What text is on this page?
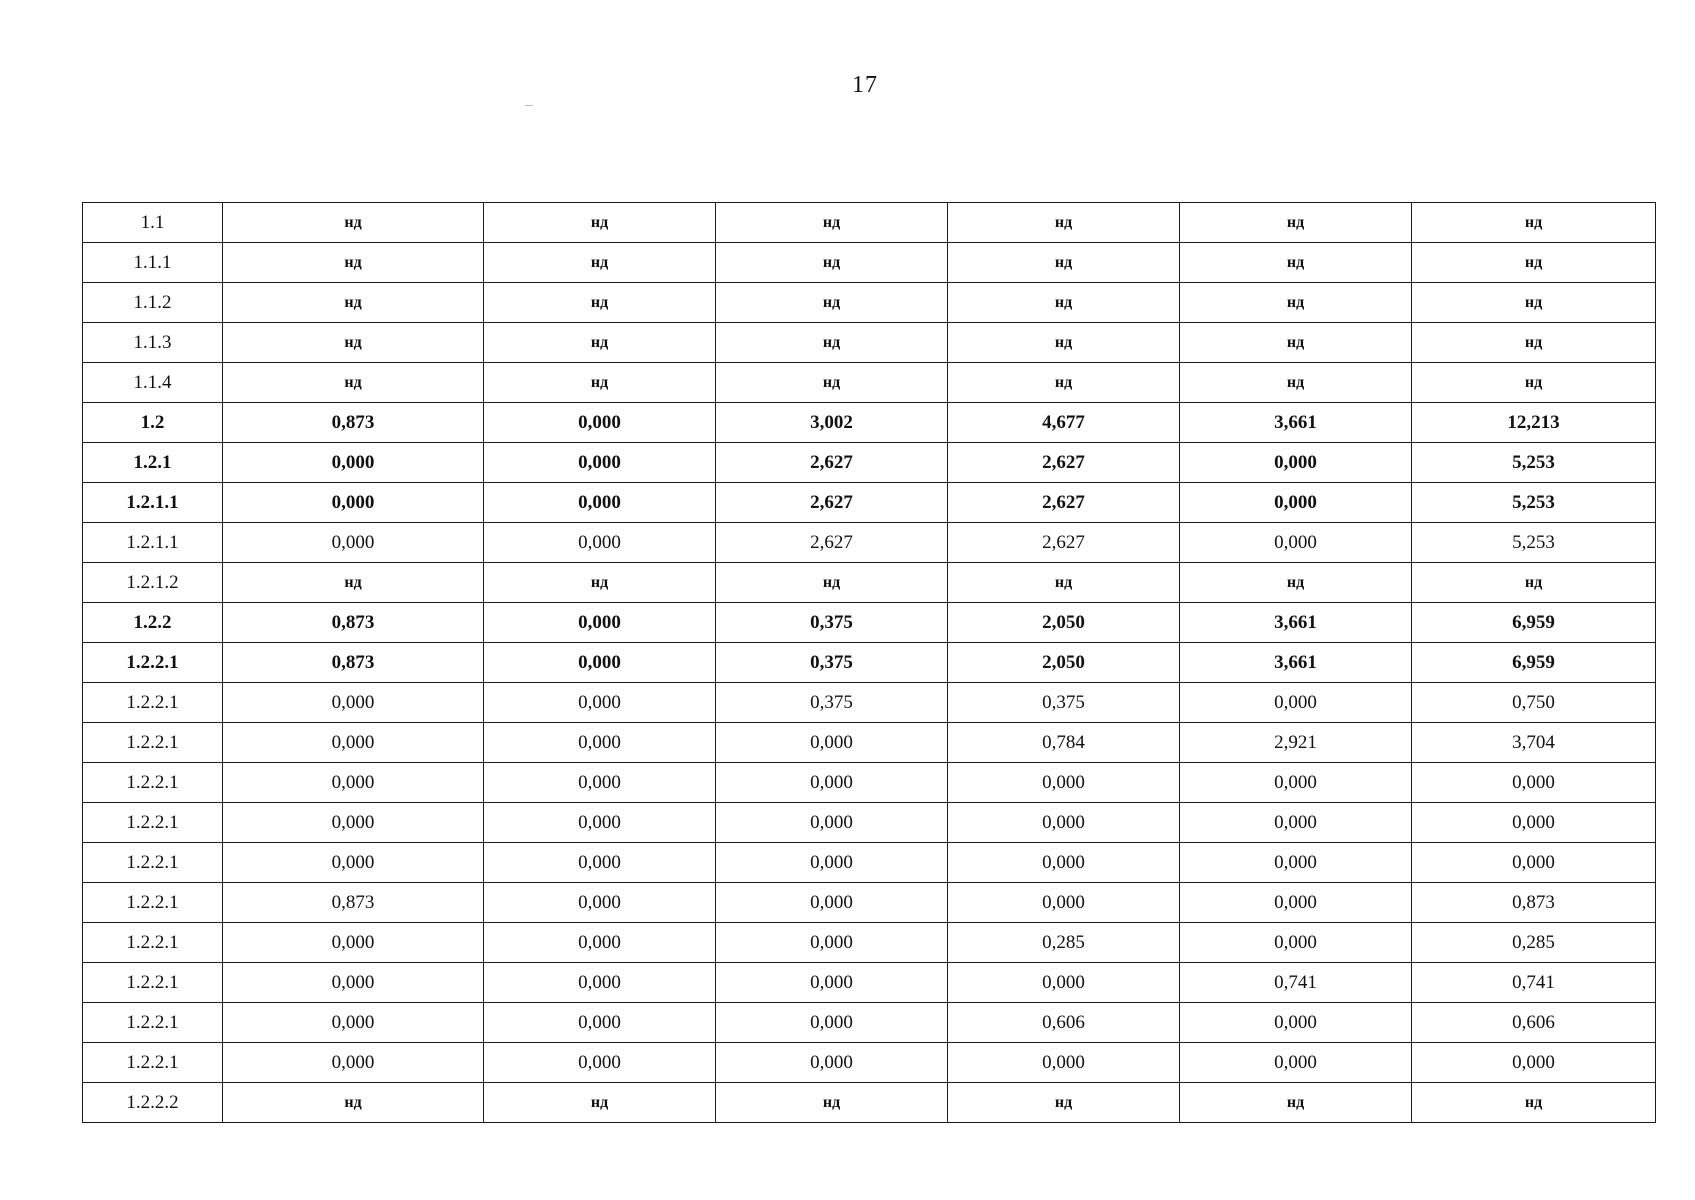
17
1.1	нд	нд	нд	нд	нд	нд
1.1.1	нд	нд	нд	нд	нд	нд
1.1.2	нд	нд	нд	нд	нд	нд
1.1.3	нд	нд	нд	нд	нд	нд
1.1.4	нд	нд	нд	нд	нд	нд
1.2	0,873	0,000	3,002	4,677	3,661	12,213
1.2.1	0,000	0,000	2,627	2,627	0,000	5,253
1.2.1.1	0,000	0,000	2,627	2,627	0,000	5,253
1.2.1.1	0,000	0,000	2,627	2,627	0,000	5,253
1.2.1.2	нд	нд	нд	нд	нд	нд
1.2.2	0,873	0,000	0,375	2,050	3,661	6,959
1.2.2.1	0,873	0,000	0,375	2,050	3,661	6,959
1.2.2.1	0,000	0,000	0,375	0,375	0,000	0,750
1.2.2.1	0,000	0,000	0,000	0,784	2,921	3,704
1.2.2.1	0,000	0,000	0,000	0,000	0,000	0,000
1.2.2.1	0,000	0,000	0,000	0,000	0,000	0,000
1.2.2.1	0,000	0,000	0,000	0,000	0,000	0,000
1.2.2.1	0,873	0,000	0,000	0,000	0,000	0,873
1.2.2.1	0,000	0,000	0,000	0,285	0,000	0,285
1.2.2.1	0,000	0,000	0,000	0,000	0,741	0,741
1.2.2.1	0,000	0,000	0,000	0,606	0,000	0,606
1.2.2.1	0,000	0,000	0,000	0,000	0,000	0,000
1.2.2.2	нд	нд	нд	нд	нд	нд
